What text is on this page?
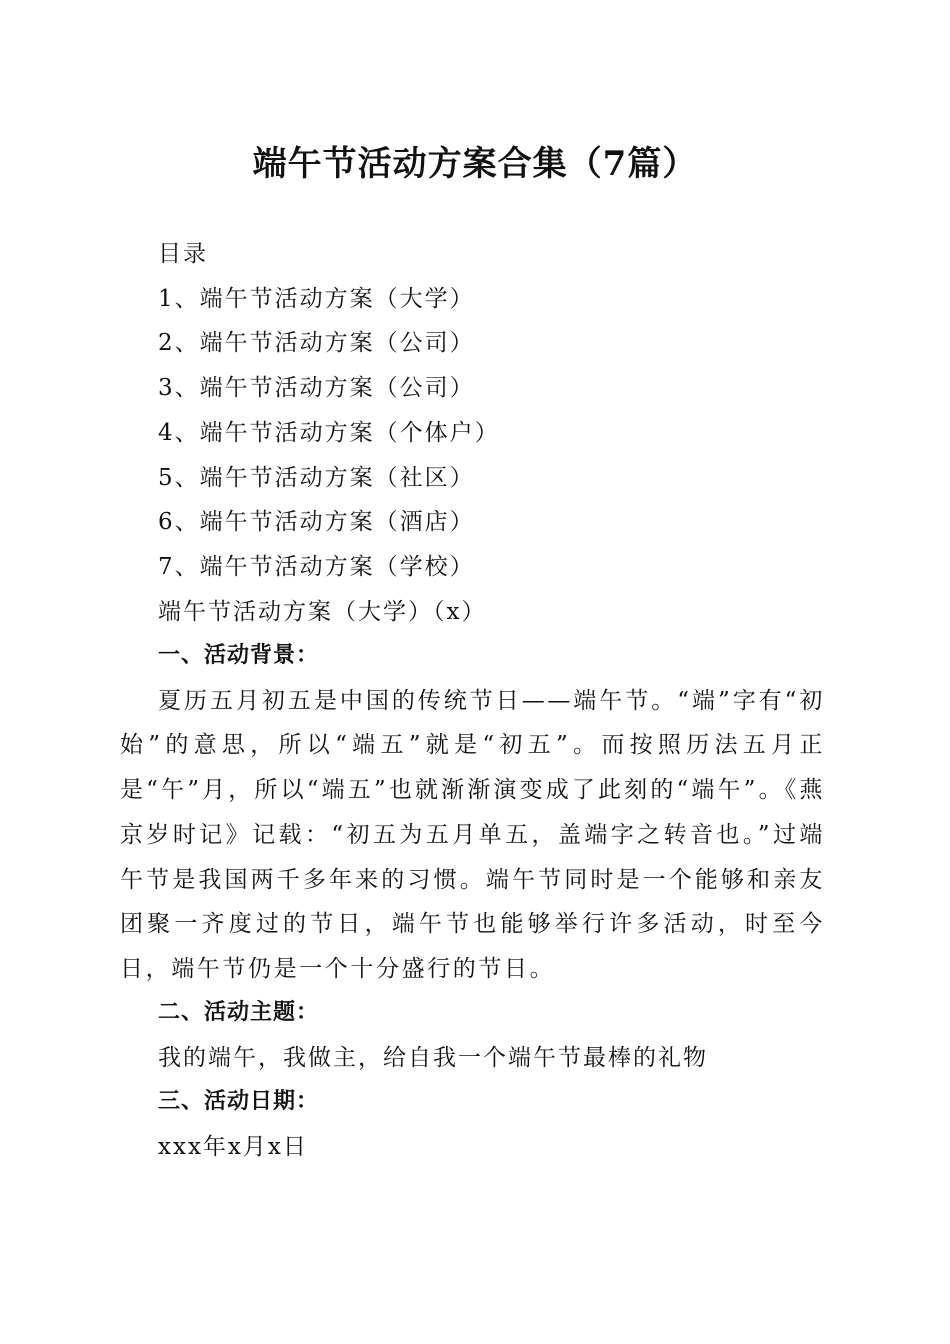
端午节活动方案合集（7篇）
目录
1、端午节活动方案（大学）
2、端午节活动方案（公司）
3、端午节活动方案（公司）
4、端午节活动方案（个体户）
5、端午节活动方案（社区）
6、端午节活动方案（酒店）
7、端午节活动方案（学校）
端午节活动方案（大学）（x）
一、活动背景：

夏历五月初五是中国的传统节日——端午节。“端”字有“初始”的意思，所以“端五”就是“初五”。而按照历法五月正是“午”月，所以“端五”也就渐渐演变成了此刻的“端午”。《燕京岁时记》记载：“初五为五月单五，盖端字之转音也。”过端午节是我国两千多年来的习惯。端午节同时是一个能够和亲友团聚一齐度过的节日，端午节也能够举行许多活动，时至今日，端午节仍是一个十分盛行的节日。

二、活动主题：
我的端午，我做主，给自我一个端午节最棒的礼物
三、活动日期：
xxx年x月x日
